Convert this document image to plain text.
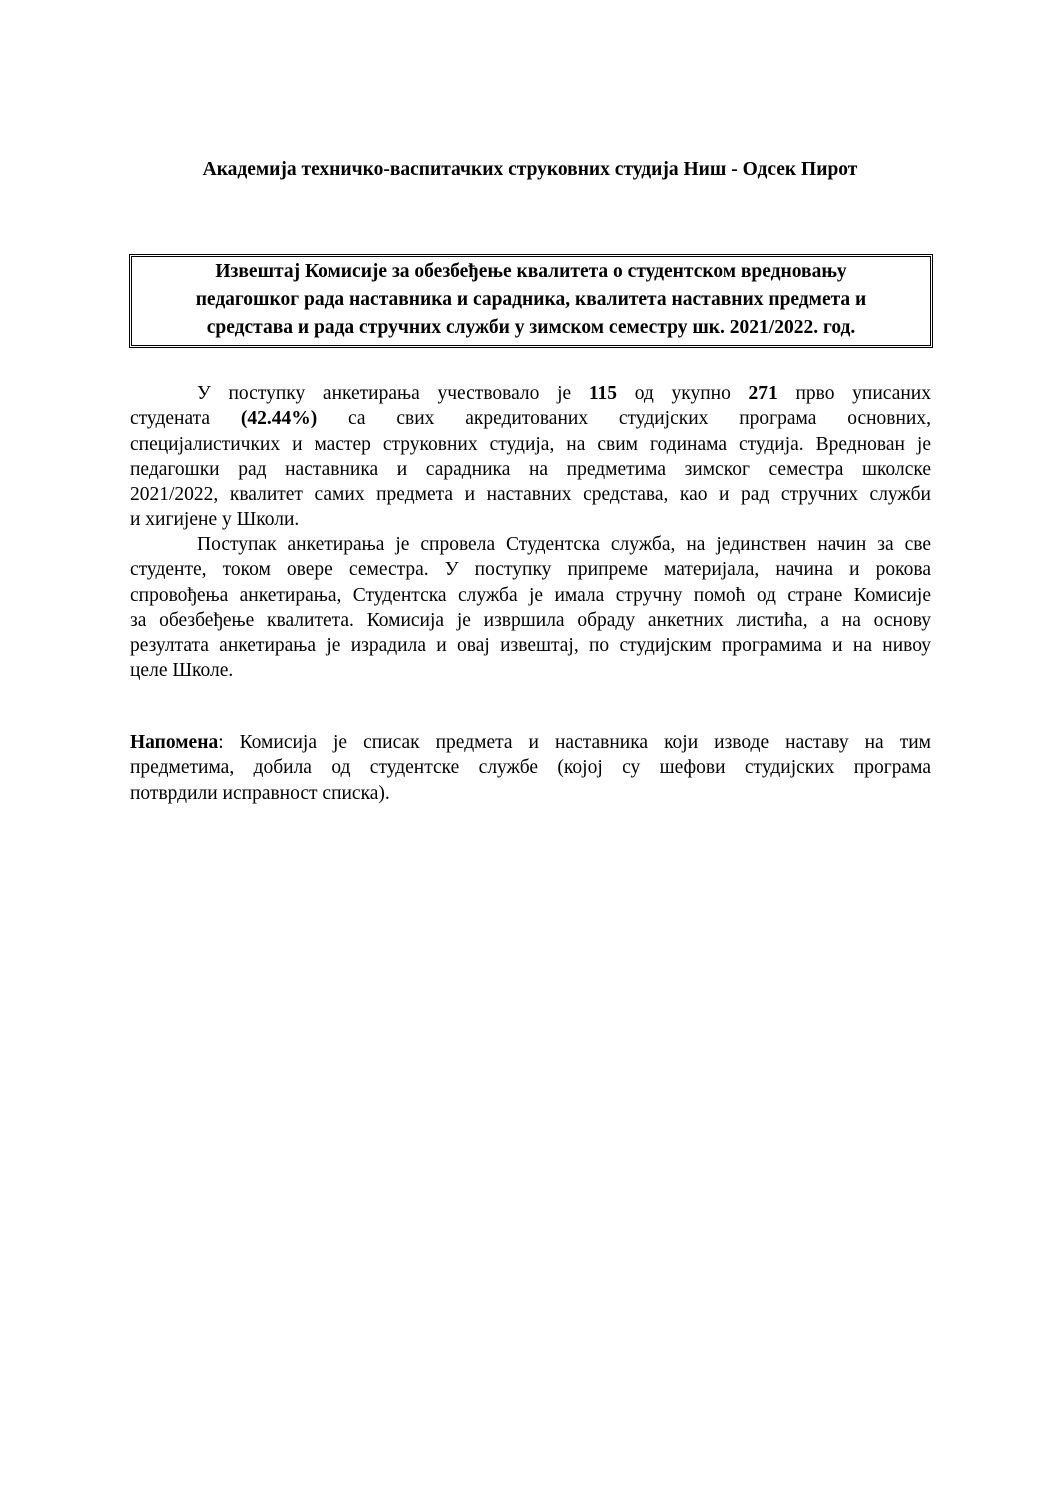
Академија техничко-васпитачких струковних студија Ниш - Одсек Пирот
Извештај Комисије за обезбеђење квалитета о студентском вредновању
педагошког рада наставника и сарадника, квалитета наставних предмета и
средстава и рада стручних служби у зимском семестру шк. 2021/2022. год.
У поступку анкетирања учествовало је 115 од укупно 271 прво уписаних
студената (42.44%) са свих акредитованих студијских програма основних,
специјалистичких и мастер струковних студија, на свим годинама студија. Вреднован је
педагошки рад наставника и сарадника на предметима зимског семестра школске
2021/2022, квалитет самих предмета и наставних средстава, као и рад стручних служби
и хигијене у Школи.
Поступак анкетирања је спровела Студентска служба, на јединствен начин за све
студенте, током овере семестра. У поступку припреме материјала, начина и рокова
спровођења анкетирања, Студентска служба је имала стручну помоћ од стране Комисије
за обезбеђење квалитета. Комисија је извршила обраду анкетних листића, а на основу
резултата анкетирања је израдила и овај извештај, по студијским програмима и на нивоу
целе Школе.
Напомена: Комисија је списак предмета и наставника који изводе наставу на тим
предметима, добила од студентске службе (којој су шефови студијских програма
потврдили исправност списка).
